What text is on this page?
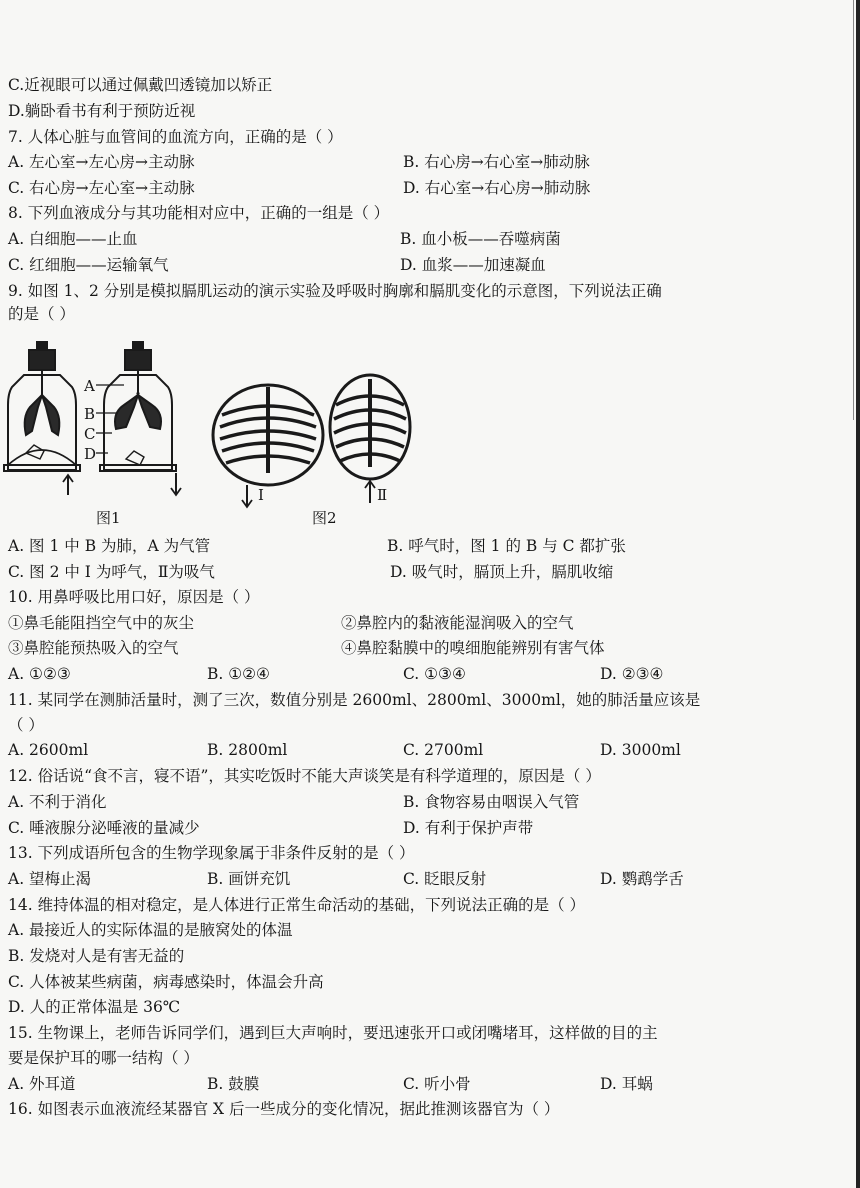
C.近视眼可以通过佩戴凹透镜加以矫正
D.躺卧看书有利于预防近视
7. 人体心脏与血管间的血流方向，正确的是（ ）
A. 左心室→左心房→主动脉	B. 右心房→右心室→肺动脉
C. 右心房→左心室→主动脉	D. 右心室→右心房→肺动脉
8. 下列血液成分与其功能相对应中，正确的一组是（ ）
A. 白细胞——止血	B. 血小板——吞噬病菌
C. 红细胞——运输氧气	D. 血浆——加速凝血
9. 如图 1、2 分别是模拟膈肌运动的演示实验及呼吸时胸廓和膈肌变化的示意图，下列说法正确
的是（ ）
A
B
C
D
I	Ⅱ
图1	图2
A. 图 1 中 B 为肺，A 为气管	B. 呼气时，图 1 的 B 与 C 都扩张
C. 图 2 中 I 为呼气，Ⅱ为吸气	D. 吸气时，膈顶上升，膈肌收缩
10. 用鼻呼吸比用口好，原因是（ ）
①鼻毛能阻挡空气中的灰尘	②鼻腔内的黏液能湿润吸入的空气
③鼻腔能预热吸入的空气	④鼻腔黏膜中的嗅细胞能辨别有害气体
A. ①②③	B. ①②④	C. ①③④	D. ②③④
11. 某同学在测肺活量时，测了三次，数值分别是 2600ml、2800ml、3000ml，她的肺活量应该是
（ ）
A. 2600ml	B. 2800ml	C. 2700ml	D. 3000ml
12. 俗话说“食不言，寝不语”，其实吃饭时不能大声谈笑是有科学道理的，原因是（ ）
A. 不利于消化	B. 食物容易由咽误入气管
C. 唾液腺分泌唾液的量减少	D. 有利于保护声带
13. 下列成语所包含的生物学现象属于非条件反射的是（ ）
A. 望梅止渴	B. 画饼充饥	C. 眨眼反射	D. 鹦鹉学舌
14. 维持体温的相对稳定，是人体进行正常生命活动的基础，下列说法正确的是（ ）
A. 最接近人的实际体温的是腋窝处的体温
B. 发烧对人是有害无益的
C. 人体被某些病菌，病毒感染时，体温会升高
D. 人的正常体温是 36℃
15. 生物课上，老师告诉同学们，遇到巨大声响时，要迅速张开口或闭嘴堵耳，这样做的目的主
要是保护耳的哪一结构（ ）
A. 外耳道	B. 鼓膜	C. 听小骨	D. 耳蜗
16. 如图表示血液流经某器官 X 后一些成分的变化情况，据此推测该器官为（ ）
